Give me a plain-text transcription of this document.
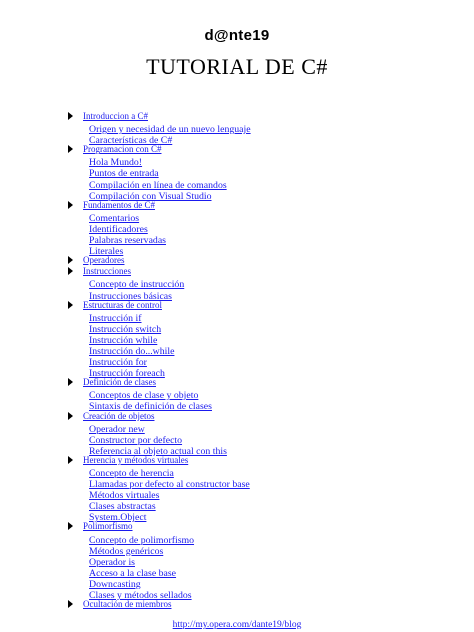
d@nte19
TUTORIAL DE C#
Introduccion a C#
Origen y necesidad de un nuevo lenguaje
Características de C#
Programacion con C#
Hola Mundo!
Puntos de entrada
Compilación en línea de comandos
Compilación con Visual Studio
Fundamentos de C#
Comentarios
Identificadores
Palabras reservadas
Literales
Operadores
Instrucciones
Concepto de instrucción
Instrucciones básicas
Estructuras de control
Instrucción if
Instrucción switch
Instrucción while
Instrucción do...while
Instrucción for
Instrucción foreach
Definición de clases
Conceptos de clase y objeto
Sintaxis de definición de clases
Creación de objetos
Operador new
Constructor por defecto
Referencia al objeto actual con this
Herencia y métodos virtuales
Concepto de herencia
Llamadas por defecto al constructor base
Métodos virtuales
Clases abstractas
System.Object
Polimorfismo
Concepto de polimorfismo
Métodos genéricos
Operador is
Acceso a la clase base
Downcasting
Clases y métodos sellados
Ocultación de miembros
http://my.opera.com/dante19/blog
